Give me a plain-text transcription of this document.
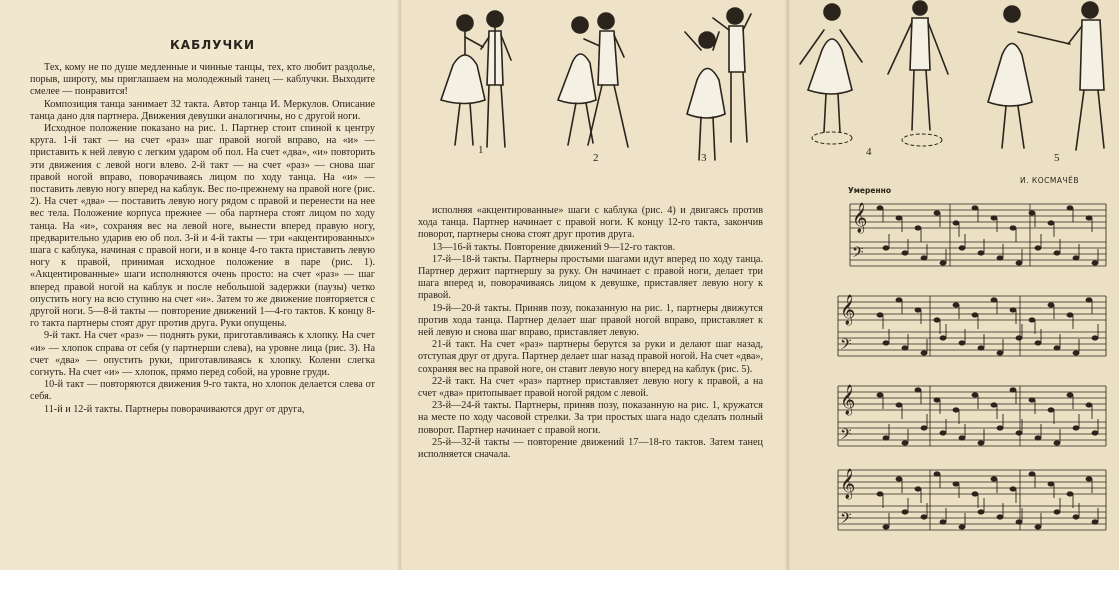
КАБЛУЧКИ

Тех, кому не по душе медленные и чинные танцы, тех, кто любит раздолье, порыв, широту, мы приглашаем на молодежный танец — каблучки. Выходите смелее — понравится!

Композиция танца занимает 32 такта. Автор танца И. Меркулов. Описание танца дано для партнера. Движения девушки аналогичны, но с другой ноги.

Исходное положение показано на рис. 1. Партнер стоит спиной к центру круга. 1-й такт — на счет «раз» шаг правой ногой вправо, на «и» — приставить к ней левую с легким ударом об пол. На счет «два», «и» повторить эти движения с левой ноги влево. 2-й такт — на счет «раз» — снова шаг правой ногой вправо, поворачиваясь лицом по ходу танца. На «и» — поставить левую ногу вперед на каблук. Вес по-прежнему на правой ноге (рис. 2). На счет «два» — поставить левую ногу рядом с правой и перенести на нее вес тела. Положение корпуса прежнее — оба партнера стоят лицом по ходу танца. На «и», сохраняя вес на левой ноге, вынести вперед правую ногу, предварительно ударив ею об пол. 3-й и 4-й такты — три «акцентированных» шага с каблука, начиная с правой ноги, и в конце 4-го такта приставить левую ногу к правой, принимая исходное положение в паре (рис. 1). «Акцентированные» шаги исполняются очень просто: на счет «раз» — шаг вперед правой ногой на каблук и после небольшой задержки (паузы) четко опустить ногу на всю ступню на счет «и». Затем то же движение повторяется с другой ноги. 5—8-й такты — повторение движений 1—4-го тактов. К концу 8-го такта партнеры стоят друг против друга. Руки опущены.

9-й такт. На счет «раз» — поднять руки, приготавливаясь к хлопку. На счет «и» — хлопок справа от себя (у партнерши слева), на уровне лица (рис. 3). На счет «два» — опустить руки, приготавливаясь к хлопку. Колени слегка согнуть. На счет «и» — хлопок, прямо перед собой, на уровне груди.

10-й такт — повторяются движения 9-го такта, но хлопок делается слева от себя.

11-й и 12-й такты. Партнеры поворачиваются друг от друга,

исполняя «акцентированные» шаги с каблука (рис. 4) и двигаясь против хода танца. Партнер начинает с правой ноги. К концу 12-го такта, закончив поворот, партнеры снова стоят друг против друга.

13—16-й такты. Повторение движений 9—12-го тактов.

17-й—18-й такты. Партнеры простыми шагами идут вперед по ходу танца. Партнер держит партнершу за руку. Он начинает с правой ноги, делает три шага вперед и, поворачиваясь лицом к девушке, приставляет левую ногу к правой.

19-й—20-й такты. Приняв позу, показанную на рис. 1, партнеры движутся против хода танца. Партнер делает шаг правой ногой вправо, приставляет к ней левую и снова шаг вправо, приставляет левую.

21-й такт. На счет «раз» партнеры берутся за руки и делают шаг назад, отступая друг от друга. Партнер делает шаг назад правой ногой. На счет «два», сохраняя вес на правой ноге, он ставит левую ногу вперед на каблук (рис. 5).

22-й такт. На счет «раз» партнер приставляет левую ногу к правой, а на счет «два» притопывает правой ногой рядом с левой.

23-й—24-й такты. Партнеры, приняв позу, показанную на рис. 1, кружатся на месте по ходу часовой стрелки. За три простых шага надо сделать полный поворот. Партнер начинает с правой ноги.

25-й—32-й такты — повторение движений 17—18-го тактов. Затем танец исполняется сначала.

1
2	3	4	5
Умеренно
И. КОСМАЧЁВ
𝄞
𝄢
𝄞
𝄢
𝄞
𝄢
𝄞
𝄢
